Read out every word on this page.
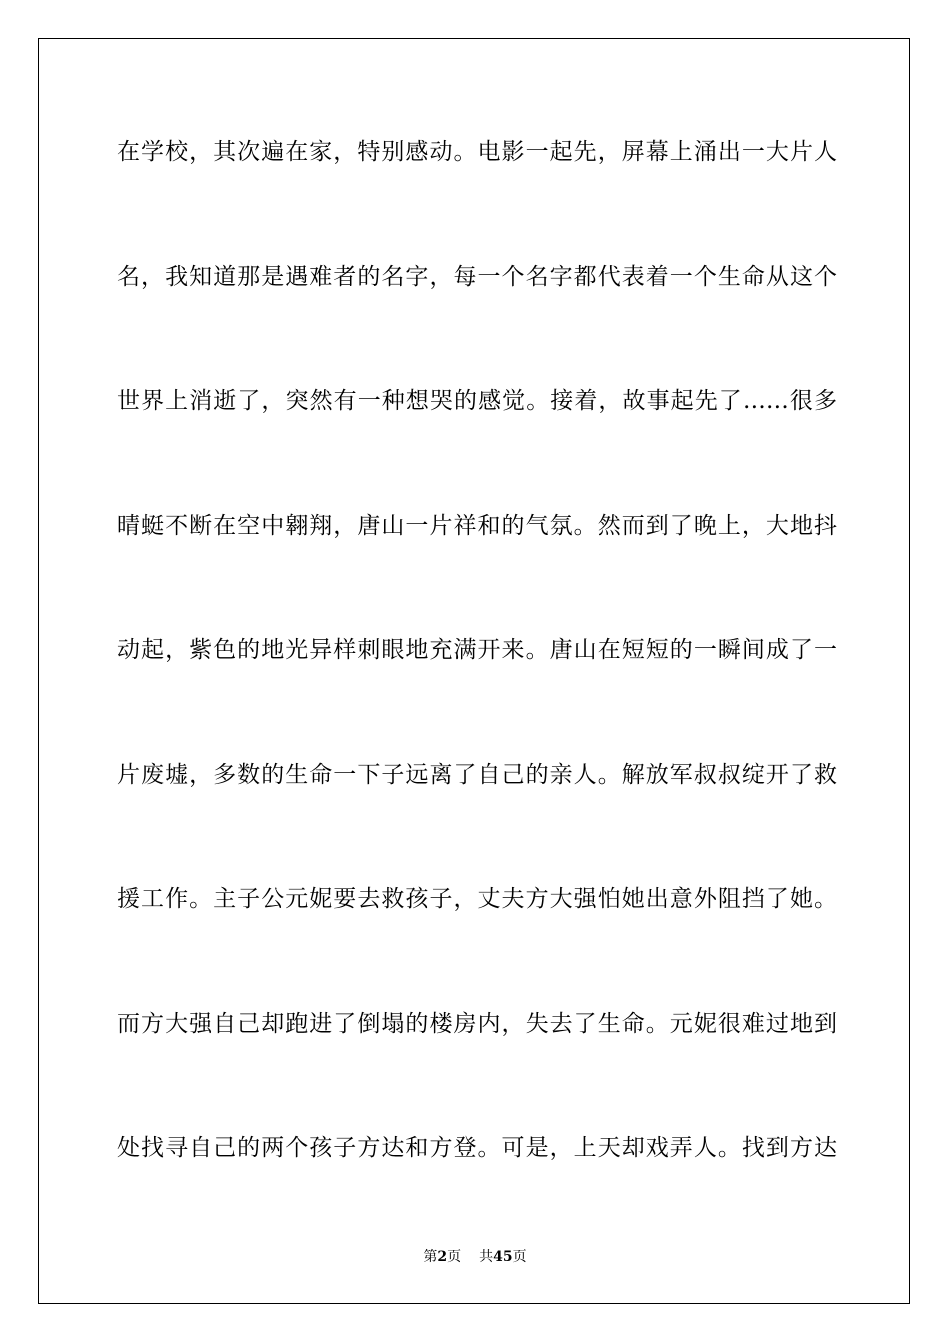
在学校，其次遍在家，特别感动。电影一起先，屏幕上涌出一大片人
名，我知道那是遇难者的名字，每一个名字都代表着一个生命从这个
世界上消逝了，突然有一种想哭的感觉。接着，故事起先了……很多
晴蜓不断在空中翱翔，唐山一片祥和的气氛。然而到了晚上，大地抖
动起，紫色的地光异样刺眼地充满开来。唐山在短短的一瞬间成了一
片废墟，多数的生命一下子远离了自己的亲人。解放军叔叔绽开了救
援工作。主子公元妮要去救孩子，丈夫方大强怕她出意外阻挡了她。
而方大强自己却跑进了倒塌的楼房内，失去了生命。元妮很难过地到
处找寻自己的两个孩子方达和方登。可是，上天却戏弄人。找到方达
第2页 共45页
